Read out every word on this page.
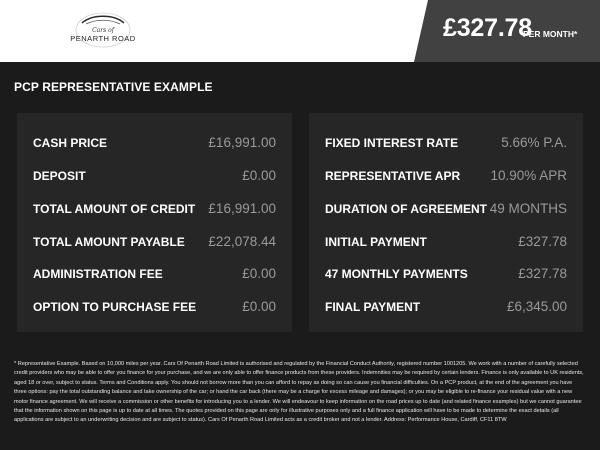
Cars of
PENARTH ROAD	£327.78
PER MONTH*
PCP REPRESENTATIVE EXAMPLE
CASH PRICE	£16,991.00
DEPOSIT	£0.00
TOTAL AMOUNT OF CREDIT £16,991.00
TOTAL AMOUNT PAYABLE £22,078.44
ADMINISTRATION FEE	£0.00
OPTION TO PURCHASE FEE	£0.00
FIXED INTEREST RATE	5.66% P.A.
REPRESENTATIVE APR 10.90% APR
DURATION OF AGREEMENT 49 MONTHS
INITIAL PAYMENT	£327.78
47 MONTHLY PAYMENTS	£327.78
FINAL PAYMENT	£6,345.00
* Representative Example. Based on 10,000 miles per year. Cars Of Penarth Road Limited is authorised and regulated by the Financial Conduct Authority, registered number 1001205. We work with a number of carefully selected credit providers who may be able to offer you finance for your purchase, and we are only able to offer finance products from these providers. Indemnities may be required by certain lenders. Finance is only available to UK residents, aged 18 or over, subject to status. Terms and Conditions apply. You should not borrow more than you can afford to repay as doing so can cause you financial difficulties. On a PCP product, at the end of the agreement you have three options: pay the total outstanding balance and take ownership of the car; or hand the car back (there may be a charge for excess mileage and damages); or you may be eligible to re-finance your residual value with a new motor finance agreement. We will receive a commission or other benefits for introducing you to a lender. We will endeavour to keep information on the road prices up to date (and related finance examples) but we cannot guarantee that the information shown on this page is up to date at all times. The quotes provided on this page are only for illustrative purposes only and a full finance application will have to be made to determine the exact details (all applications are subject to an underwriting decision and are subject to status). Cars Of Penarth Road Limited acts as a credit broker and not a lender. Address: Performance House, Cardiff, CF11 8TW
